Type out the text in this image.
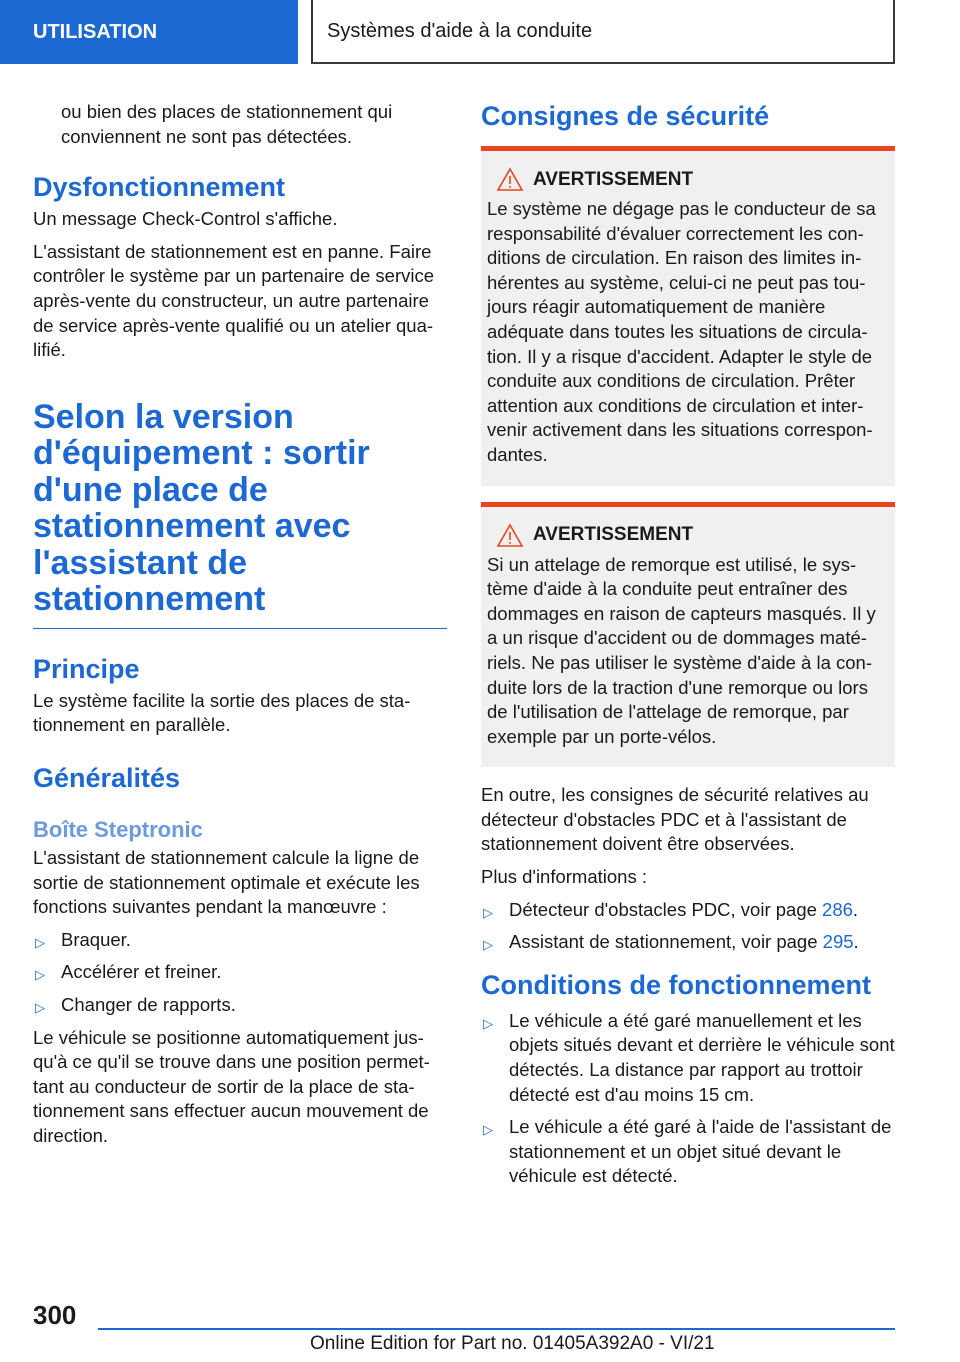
UTILISATION	Systèmes d'aide à la conduite

ou bien des places de stationnement qui conviennent ne sont pas détectées.

Dysfonctionnement

Un message Check-Control s'affiche.

L'assistant de stationnement est en panne. Faire contrôler le système par un partenaire de service après-vente du constructeur, un autre partenaire de service après-vente qualifié ou un atelier qualifié.

Selon la version d'équipement : sortir d'une place de stationnement avec l'assistant de stationnement
Principe

Le système facilite la sortie des places de stationnement en parallèle.

Généralités
Boîte Steptronic

L'assistant de stationnement calcule la ligne de sortie de stationnement optimale et exécute les fonctions suivantes pendant la manœuvre :

▷ Braquer.
▷ Accélérer et freiner.
▷ Changer de rapports.

Le véhicule se positionne automatiquement jusqu'à ce qu'il se trouve dans une position permettant au conducteur de sortir de la place de stationnement sans effectuer aucun mouvement de direction.

Consignes de sécurité
AVERTISSEMENT
Le système ne dégage pas le conducteur de sa responsabilité d'évaluer correctement les conditions de circulation. En raison des limites inhérentes au système, celui-ci ne peut pas toujours réagir automatiquement de manière adéquate dans toutes les situations de circulation. Il y a risque d'accident. Adapter le style de conduite aux conditions de circulation. Prêter attention aux conditions de circulation et intervenir activement dans les situations correspondantes.
AVERTISSEMENT
Si un attelage de remorque est utilisé, le système d'aide à la conduite peut entraîner des dommages en raison de capteurs masqués. Il y a un risque d'accident ou de dommages matériels. Ne pas utiliser le système d'aide à la conduite lors de la traction d'une remorque ou lors de l'utilisation de l'attelage de remorque, par exemple par un porte-vélos.

En outre, les consignes de sécurité relatives au détecteur d'obstacles PDC et à l'assistant de stationnement doivent être observées.

Plus d'informations :

▷ Détecteur d'obstacles PDC, voir page 286.
▷ Assistant de stationnement, voir page 295.
Conditions de fonctionnement
▷ Le véhicule a été garé manuellement et les objets situés devant et derrière le véhicule sont détectés. La distance par rapport au trottoir détecté est d'au moins 15 cm.
▷ Le véhicule a été garé à l'aide de l'assistant de stationnement et un objet situé devant le véhicule est détecté.
300
Online Edition for Part no. 01405A392A0 - VI/21
